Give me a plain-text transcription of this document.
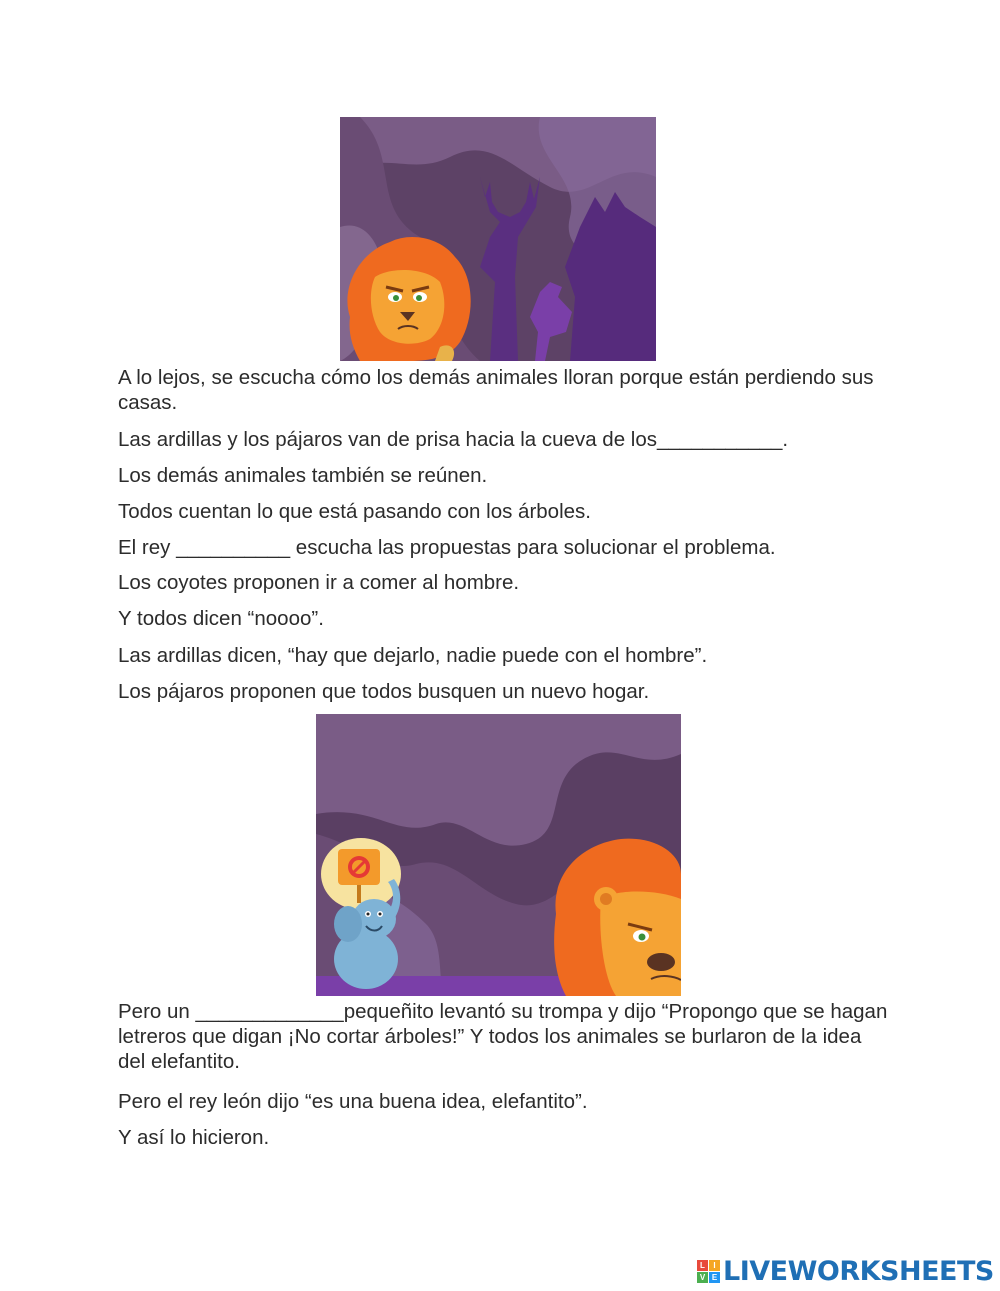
A lo lejos, se escucha cómo los demás animales lloran porque están perdiendo sus casas.

Las ardillas y los pájaros van de prisa hacia la cueva de los___________.

Los demás animales también se reúnen.

Todos cuentan lo que está pasando con los árboles.

El rey __________ escucha las propuestas para solucionar el problema.

Los coyotes proponen ir a comer al hombre.

Y todos dicen “noooo”.

Las ardillas dicen, “hay que dejarlo, nadie puede con el hombre”.

Los pájaros proponen que todos busquen un nuevo hogar.

Pero un _____________pequeñito levantó su trompa y dijo “Propongo que se hagan letreros que digan ¡No cortar árboles!” Y todos los animales se burlaron de la idea del elefantito.

Pero el rey león dijo “es una buena idea, elefantito”.

Y así lo hicieron.

L	I
V E LIVEWORKSHEETS
